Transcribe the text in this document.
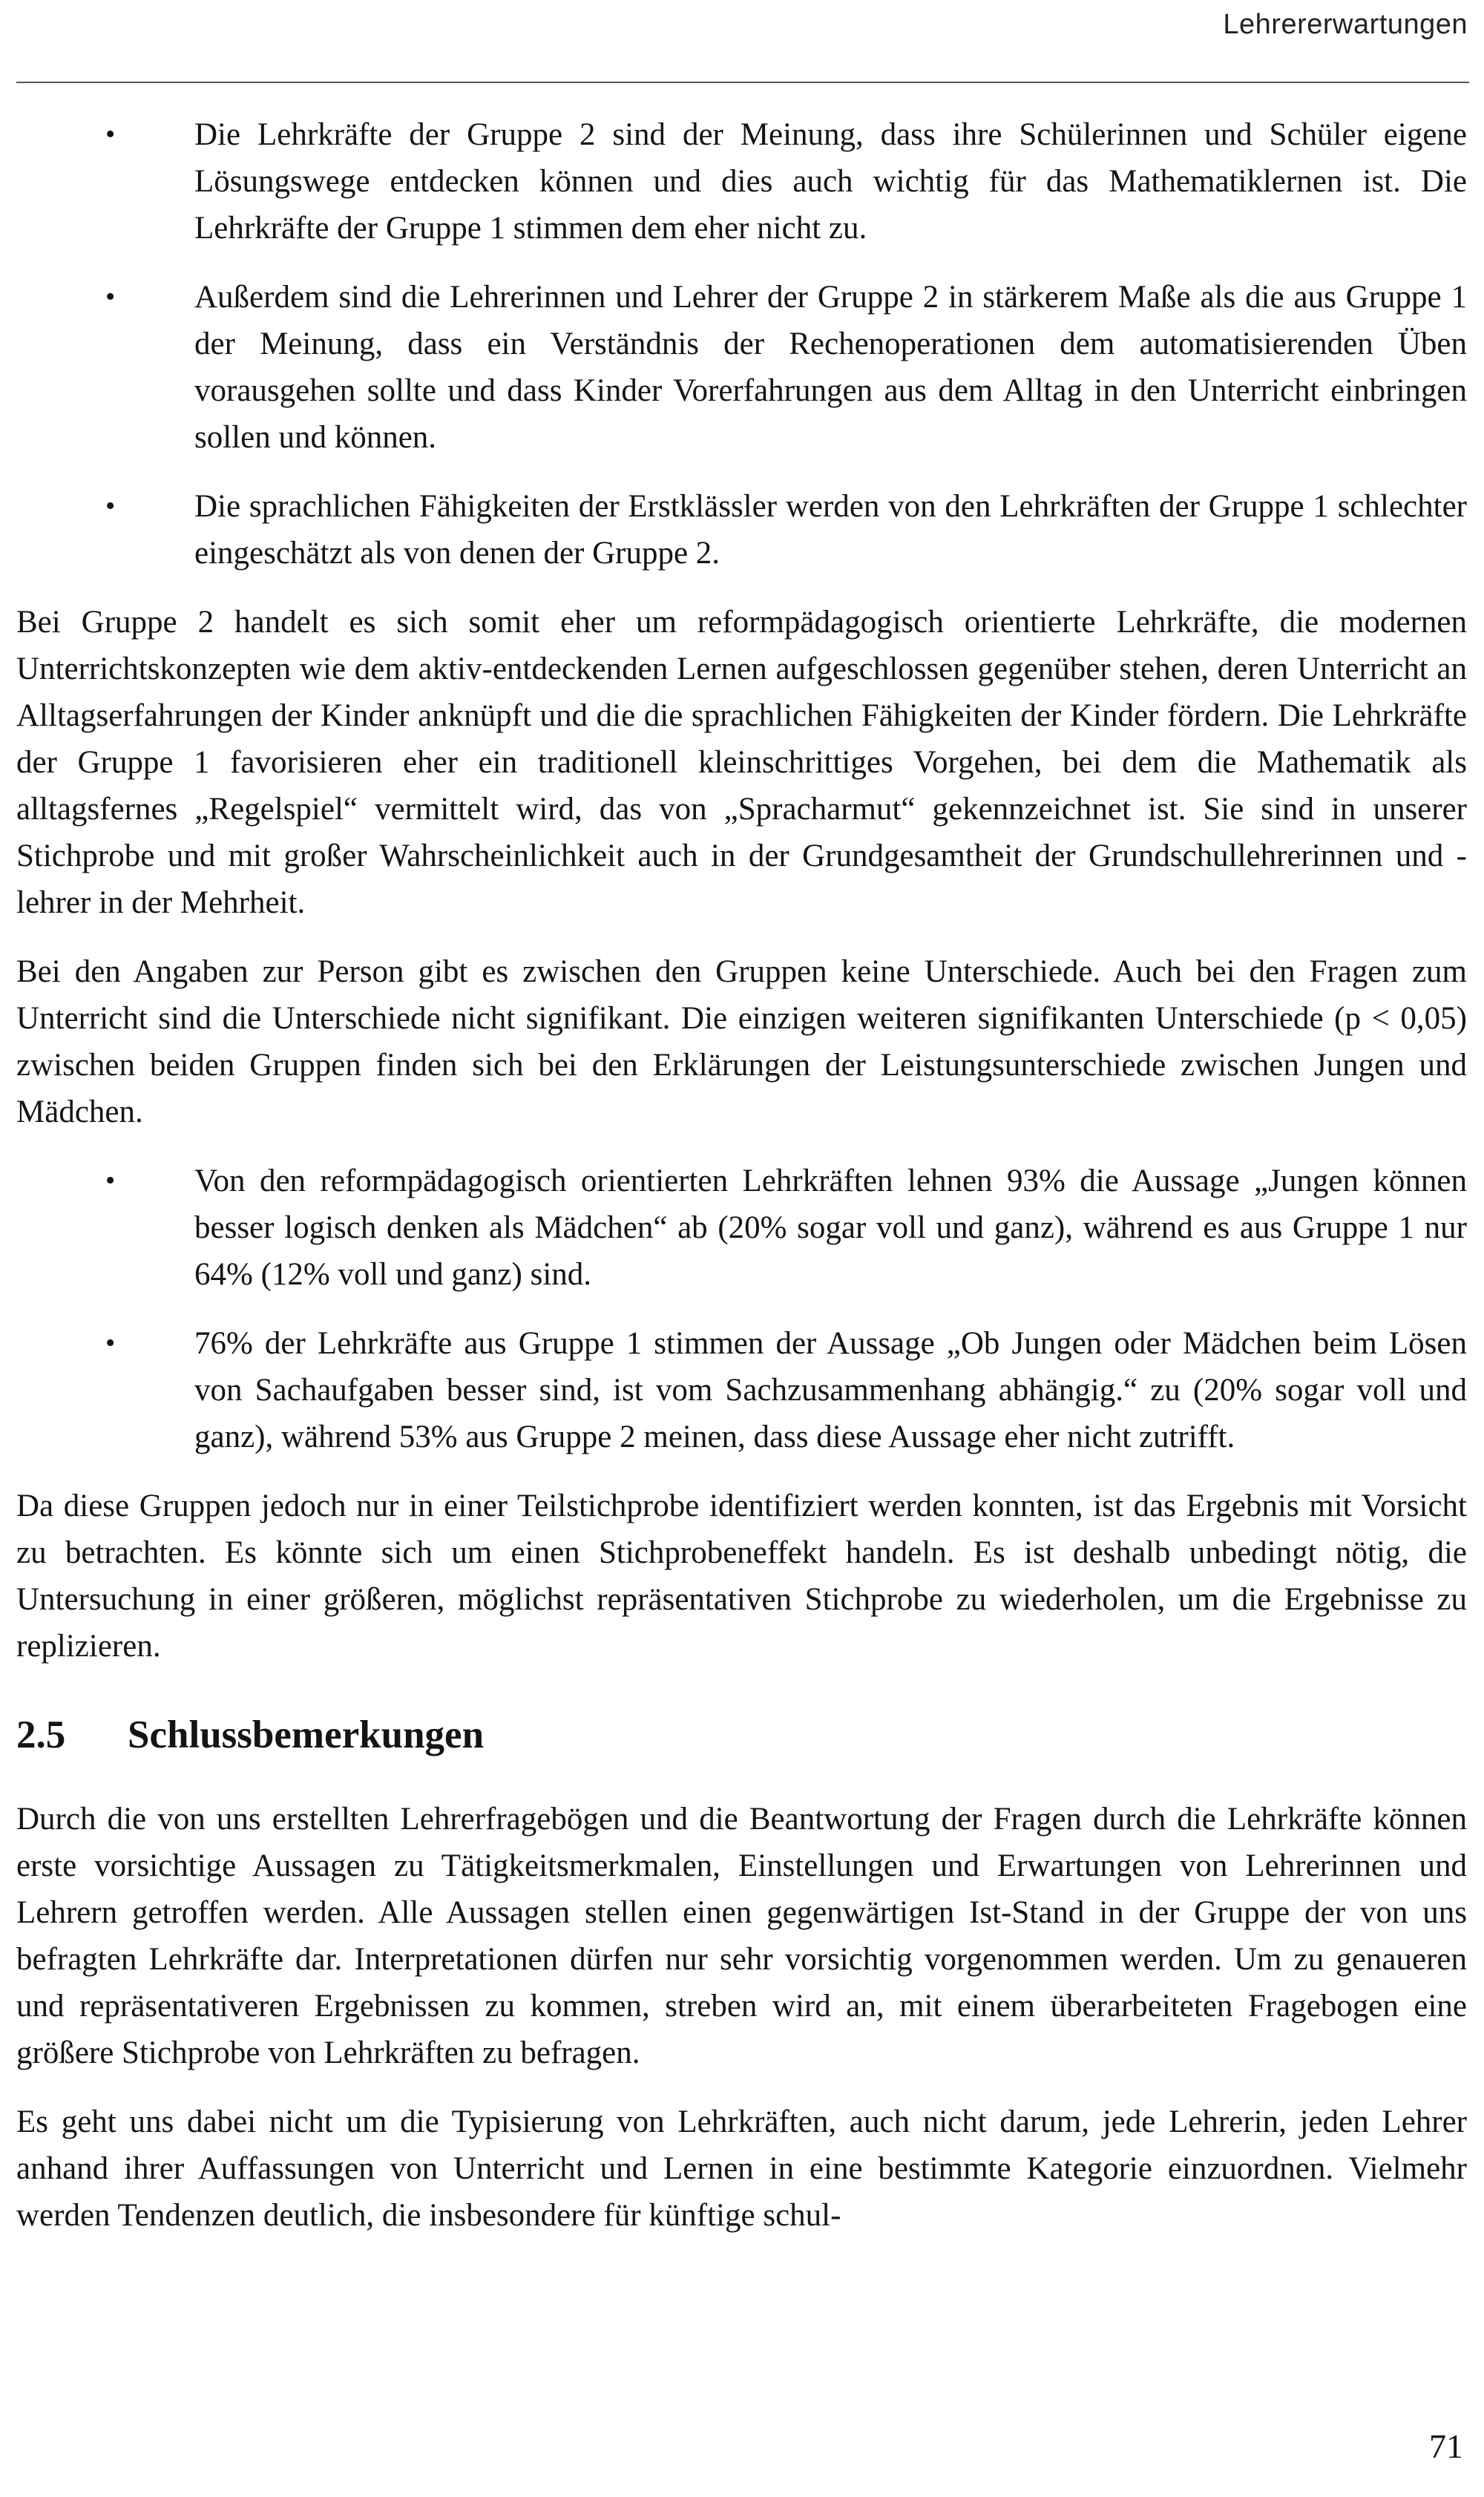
Lehrererwartungen
• Die Lehrkräfte der Gruppe 2 sind der Meinung, dass ihre Schülerinnen und Schüler eigene Lösungswege entdecken können und dies auch wichtig für das Mathematiklernen ist. Die Lehrkräfte der Gruppe 1 stimmen dem eher nicht zu.
• Außerdem sind die Lehrerinnen und Lehrer der Gruppe 2 in stärkerem Maße als die aus Gruppe 1 der Meinung, dass ein Verständnis der Rechenoperationen dem automatisierenden Üben vorausgehen sollte und dass Kinder Vorerfahrungen aus dem Alltag in den Unterricht einbringen sollen und können.
• Die sprachlichen Fähigkeiten der Erstklässler werden von den Lehrkräften der Gruppe 1 schlechter eingeschätzt als von denen der Gruppe 2.

Bei Gruppe 2 handelt es sich somit eher um reformpädagogisch orientierte Lehrkräfte, die modernen Unterrichtskonzepten wie dem aktiv-entdeckenden Lernen aufgeschlossen gegenüber stehen, deren Unterricht an Alltagserfahrungen der Kinder anknüpft und die die sprachlichen Fähigkeiten der Kinder fördern. Die Lehrkräfte der Gruppe 1 favorisieren eher ein traditionell kleinschrittiges Vorgehen, bei dem die Mathematik als alltagsfernes „Regelspiel“ vermittelt wird, das von „Spracharmut“ gekennzeichnet ist. Sie sind in unserer Stichprobe und mit großer Wahrscheinlichkeit auch in der Grundgesamtheit der Grundschullehrerinnen und -lehrer in der Mehrheit.

Bei den Angaben zur Person gibt es zwischen den Gruppen keine Unterschiede. Auch bei den Fragen zum Unterricht sind die Unterschiede nicht signifikant. Die einzigen weiteren signifikanten Unterschiede (p < 0,05) zwischen beiden Gruppen finden sich bei den Erklärungen der Leistungsunterschiede zwischen Jungen und Mädchen.

• Von den reformpädagogisch orientierten Lehrkräften lehnen 93% die Aussage „Jungen können besser logisch denken als Mädchen“ ab (20% sogar voll und ganz), während es aus Gruppe 1 nur 64% (12% voll und ganz) sind.
• 76% der Lehrkräfte aus Gruppe 1 stimmen der Aussage „Ob Jungen oder Mädchen beim Lösen von Sachaufgaben besser sind, ist vom Sachzusammenhang abhängig.“ zu (20% sogar voll und ganz), während 53% aus Gruppe 2 meinen, dass diese Aussage eher nicht zutrifft.

Da diese Gruppen jedoch nur in einer Teilstichprobe identifiziert werden konnten, ist das Ergebnis mit Vorsicht zu betrachten. Es könnte sich um einen Stichprobeneffekt handeln. Es ist deshalb unbedingt nötig, die Untersuchung in einer größeren, möglichst repräsentativen Stichprobe zu wiederholen, um die Ergebnisse zu replizieren.

2.5 Schlussbemerkungen

Durch die von uns erstellten Lehrerfragebögen und die Beantwortung der Fragen durch die Lehrkräfte können erste vorsichtige Aussagen zu Tätigkeitsmerkmalen, Einstellungen und Erwartungen von Lehrerinnen und Lehrern getroffen werden. Alle Aussagen stellen einen gegenwärtigen Ist-Stand in der Gruppe der von uns befragten Lehrkräfte dar. Interpretationen dürfen nur sehr vorsichtig vorgenommen werden. Um zu genaueren und repräsentativeren Ergebnissen zu kommen, streben wird an, mit einem überarbeiteten Fragebogen eine größere Stichprobe von Lehrkräften zu befragen.

Es geht uns dabei nicht um die Typisierung von Lehrkräften, auch nicht darum, jede Lehrerin, jeden Lehrer anhand ihrer Auffassungen von Unterricht und Lernen in eine bestimmte Kategorie einzuordnen. Vielmehr werden Tendenzen deutlich, die insbesondere für künftige schul-

71
